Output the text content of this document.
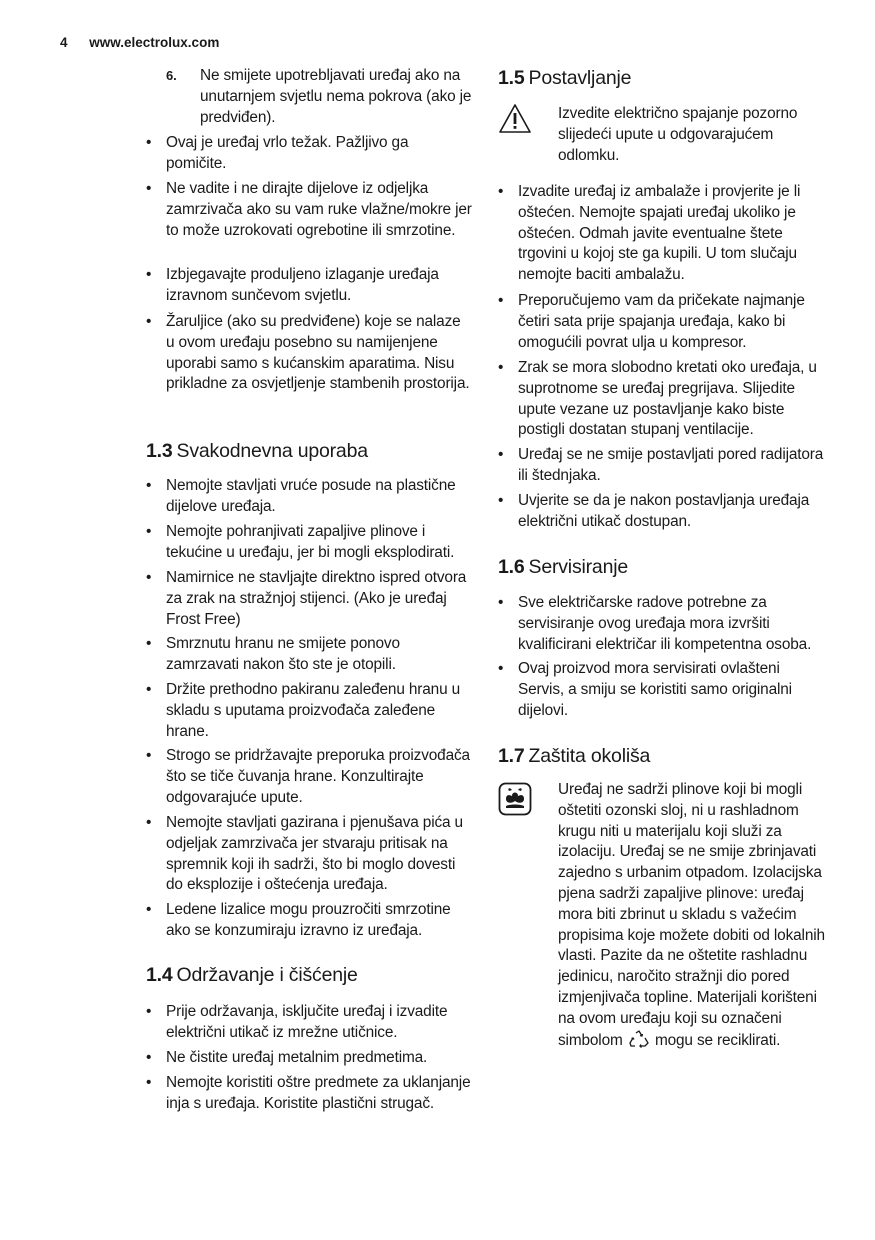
4 www.electrolux.com
6. Ne smijete upotrebljavati uređaj ako na unutarnjem svjetlu nema pokrova (ako je predviđen).

• Ovaj je uređaj vrlo težak. Pažljivo ga pomičite.

• Ne vadite i ne dirajte dijelove iz odjeljka zamrzivača ako su vam ruke vlažne/mokre jer to može uzrokovati ogrebotine ili smrzotine.

• Izbjegavajte produljeno izlaganje uređaja izravnom sunčevom svjetlu.

• Žaruljice (ako su predviđene) koje se nalaze u ovom uređaju posebno su namijenjene uporabi samo s kućanskim aparatima. Nisu prikladne za osvjetljenje stambenih prostorija.

1.3 Svakodnevna uporaba
• Nemojte stavljati vruće posude na plastične dijelove uređaja.

• Nemojte pohranjivati zapaljive plinove i tekućine u uređaju, jer bi mogli eksplodirati.

• Namirnice ne stavljajte direktno ispred otvora za zrak na stražnjoj stijenci. (Ako je uređaj Frost Free)

• Smrznutu hranu ne smijete ponovo zamrzavati nakon što ste je otopili.

• Držite prethodno pakiranu zaleđenu hranu u skladu s uputama proizvođača zaleđene hrane.

• Strogo se pridržavajte preporuka proizvođača što se tiče čuvanja hrane. Konzultirajte odgovarajuće upute.

• Nemojte stavljati gazirana i pjenušava pića u odjeljak zamrzivača jer stvaraju pritisak na spremnik koji ih sadrži, što bi moglo dovesti do eksplozije i oštećenja uređaja.

• Ledene lizalice mogu prouzročiti smrzotine ako se konzumiraju izravno iz uređaja.

1.4 Održavanje i čišćenje
• Prije održavanja, isključite uređaj i izvadite električni utikač iz mrežne utičnice.

• Ne čistite uređaj metalnim predmetima.

• Nemojte koristiti oštre predmete za uklanjanje inja s uređaja. Koristite plastični strugač.

1.5 Postavljanje
Izvedite električno spajanje pozorno slijedeći upute u odgovarajućem odlomku.
• Izvadite uređaj iz ambalaže i provjerite je li oštećen. Nemojte spajati uređaj ukoliko je oštećen. Odmah javite eventualne štete trgovini u kojoj ste ga kupili. U tom slučaju nemojte baciti ambalažu.

• Preporučujemo vam da pričekate najmanje četiri sata prije spajanja uređaja, kako bi omogućili povrat ulja u kompresor.

• Zrak se mora slobodno kretati oko uređaja, u suprotnome se uređaj pregrijava. Slijedite upute vezane uz postavljanje kako biste postigli dostatan stupanj ventilacije.

• Uređaj se ne smije postavljati pored radijatora ili štednjaka.

• Uvjerite se da je nakon postavljanja uređaja električni utikač dostupan.

1.6 Servisiranje
• Sve električarske radove potrebne za servisiranje ovog uređaja mora izvršiti kvalificirani električar ili kompetentna osoba.

• Ovaj proizvod mora servisirati ovlašteni Servis, a smiju se koristiti samo originalni dijelovi.

1.7 Zaštita okoliša
Uređaj ne sadrži plinove koji bi mogli oštetiti ozonski sloj, ni u rashladnom krugu niti u materijalu koji služi za izolaciju. Uređaj se ne smije zbrinjavati zajedno s urbanim otpadom. Izolacijska pjena sadrži zapaljive plinove: uređaj mora biti zbrinut u skladu s važećim propisima koje možete dobiti od lokalnih vlasti. Pazite da ne oštetite rashladnu jedinicu, naročito stražnji dio pored izmjenjivača topline. Materijali korišteni na ovom uređaju koji su označeni simbolom mogu se reciklirati.
